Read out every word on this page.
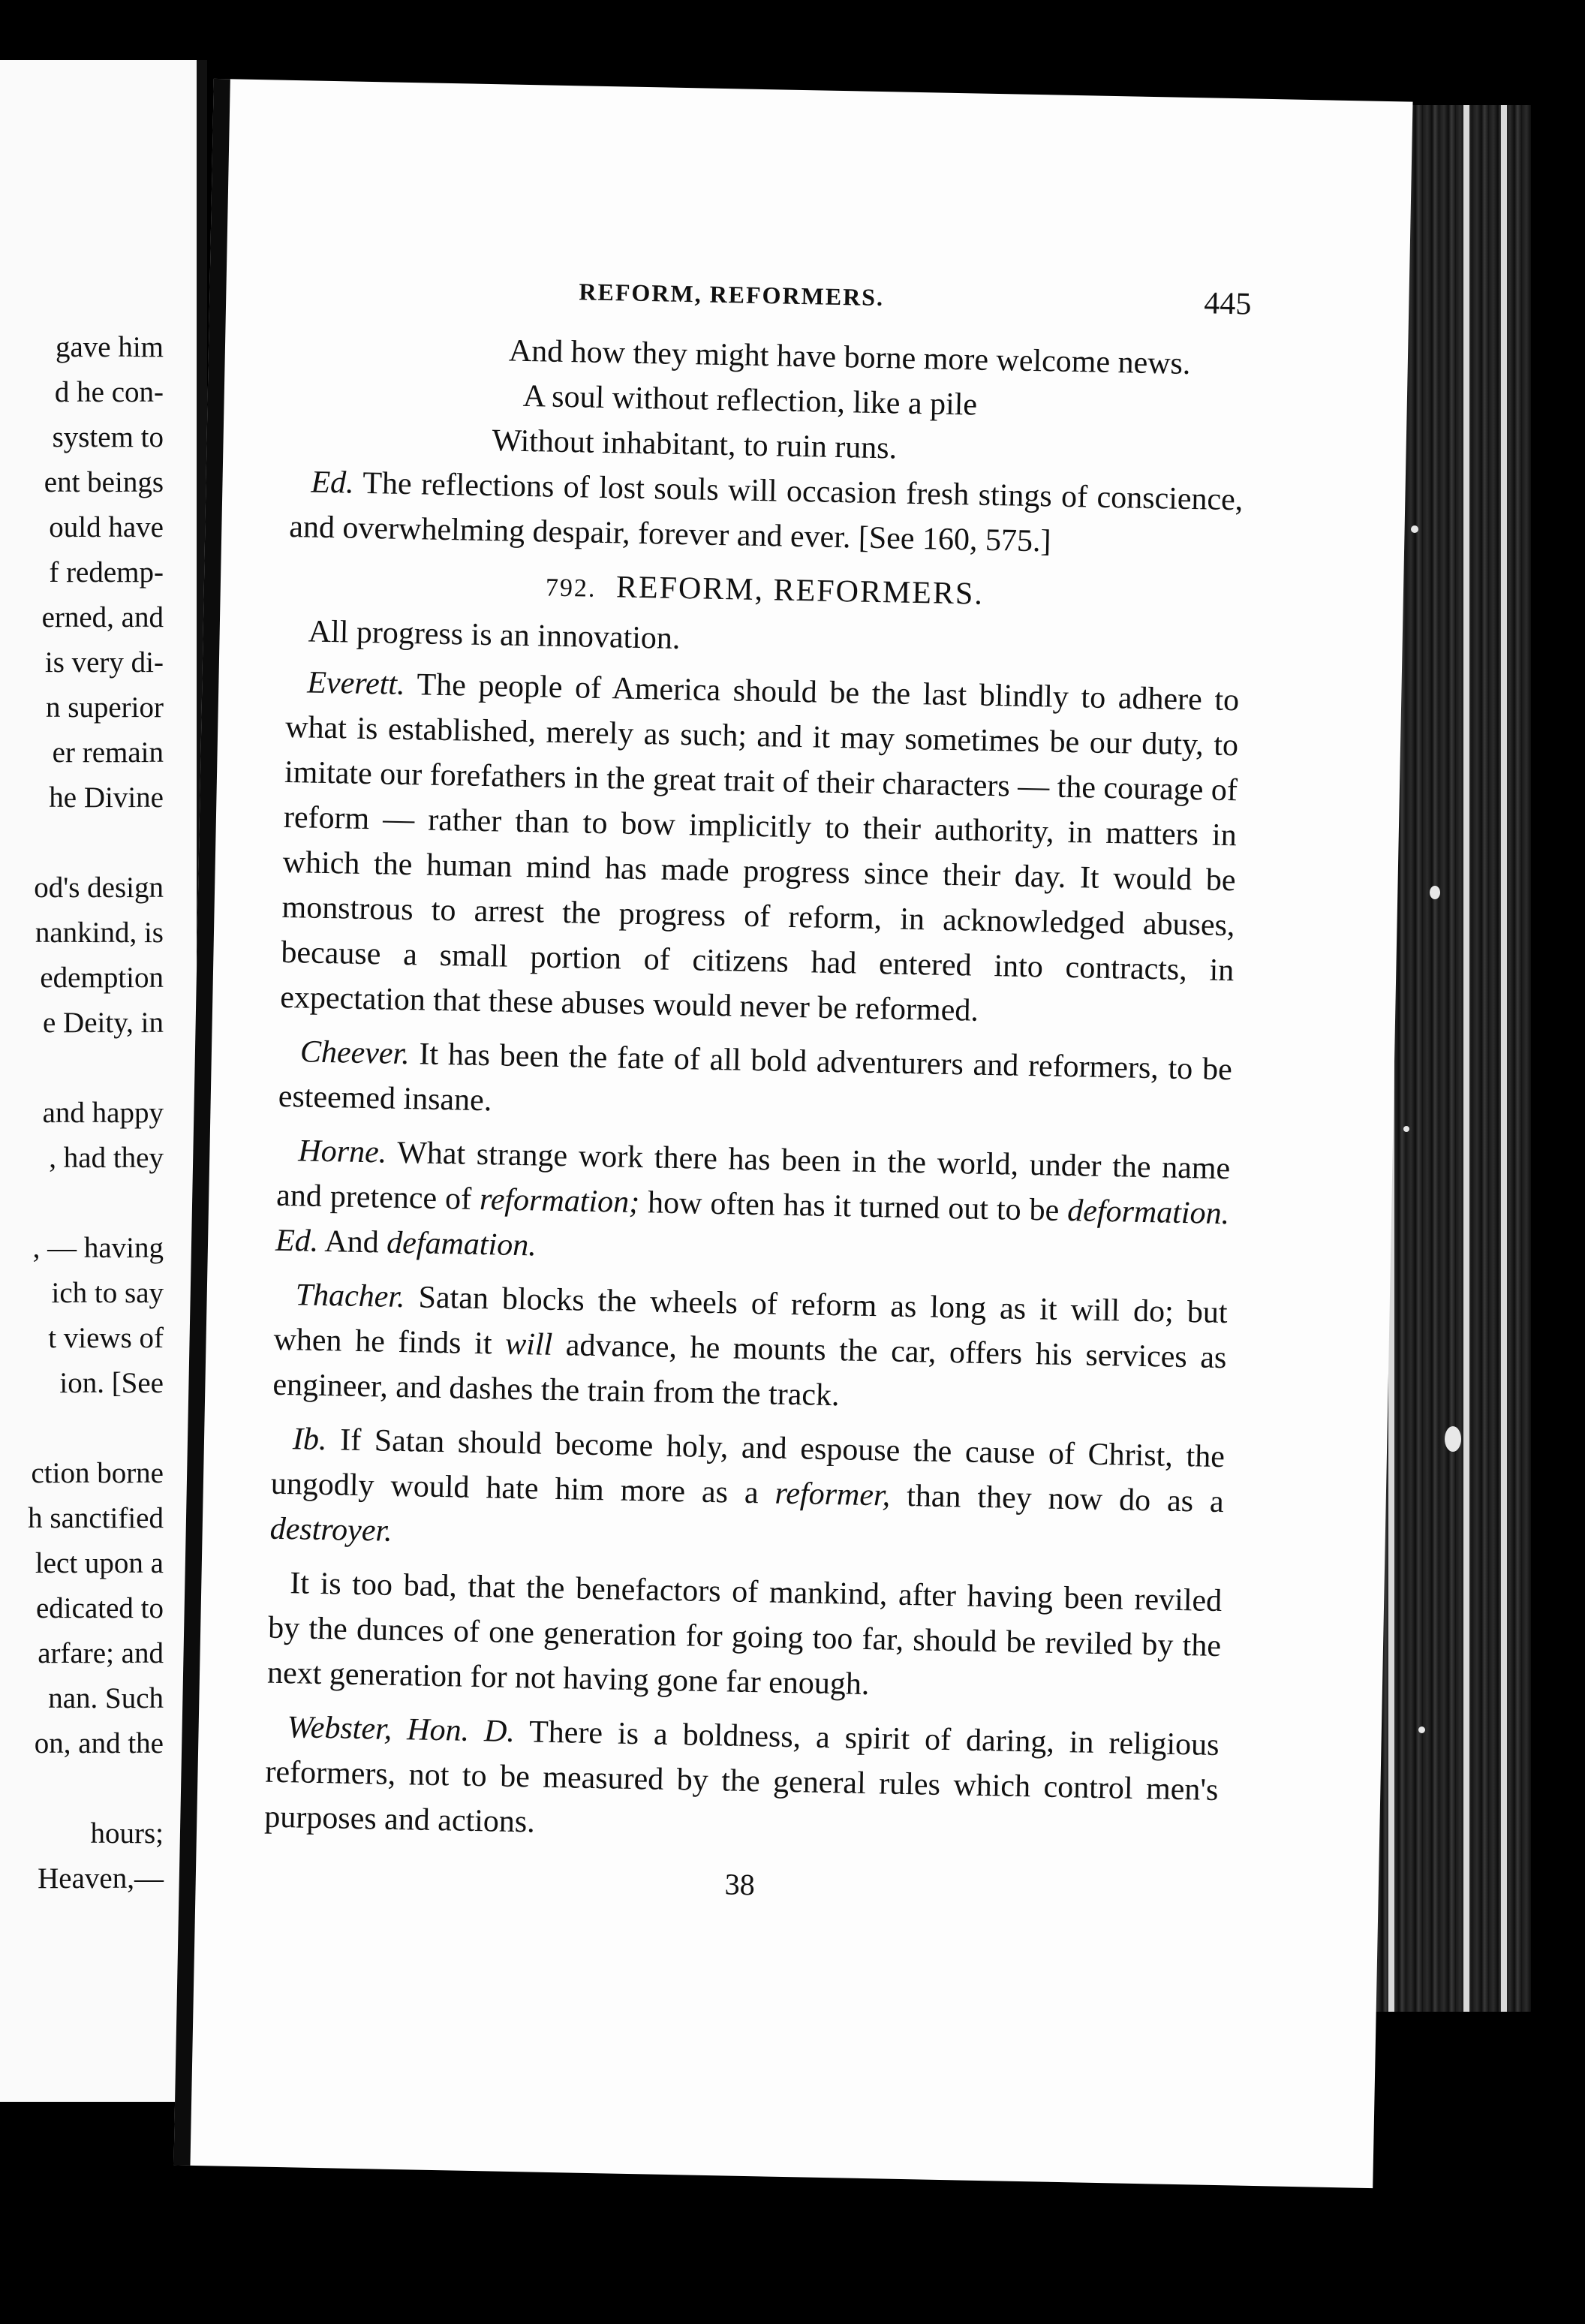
gave him
d he con-
system to
ent beings
ould have
f redemp-
erned, and
is very di-
n superior
er remain
he Divine
od's design
nankind, is
edemption
e Deity, in
and happy
, had they
, — having
ich to say
t views of
ion. [See
ction borne
h sanctified
lect upon a
edicated to
arfare; and
nan. Such
on, and the
hours;
Heaven,—
REFORM, REFORMERS.	445

And how they might have borne more welcome news.

A soul without reflection, like a pile

Without inhabitant, to ruin runs.

Ed. The reflections of lost souls will occasion fresh stings of conscience, and overwhelming despair, forever and ever. [See 160, 575.]

792. REFORM, REFORMERS.

All progress is an innovation.

Everett. The people of America should be the last blindly to adhere to what is established, merely as such; and it may sometimes be our duty, to imitate our forefathers in the great trait of their characters — the courage of reform — rather than to bow implicitly to their authority, in matters in which the human mind has made progress since their day. It would be monstrous to arrest the progress of reform, in acknowledged abuses, because a small portion of citizens had entered into contracts, in expectation that these abuses would never be reformed.

Cheever. It has been the fate of all bold adventurers and reformers, to be esteemed insane.

Horne. What strange work there has been in the world, under the name and pretence of reformation; how often has it turned out to be deformation. Ed. And defamation.

Thacher. Satan blocks the wheels of reform as long as it will do; but when he finds it will advance, he mounts the car, offers his services as engineer, and dashes the train from the track.

Ib. If Satan should become holy, and espouse the cause of Christ, the ungodly would hate him more as a reformer, than they now do as a destroyer.

It is too bad, that the benefactors of mankind, after having been reviled by the dunces of one generation for going too far, should be reviled by the next generation for not having gone far enough.

Webster, Hon. D. There is a boldness, a spirit of daring, in religious reformers, not to be measured by the general rules which control men's purposes and actions.

38
